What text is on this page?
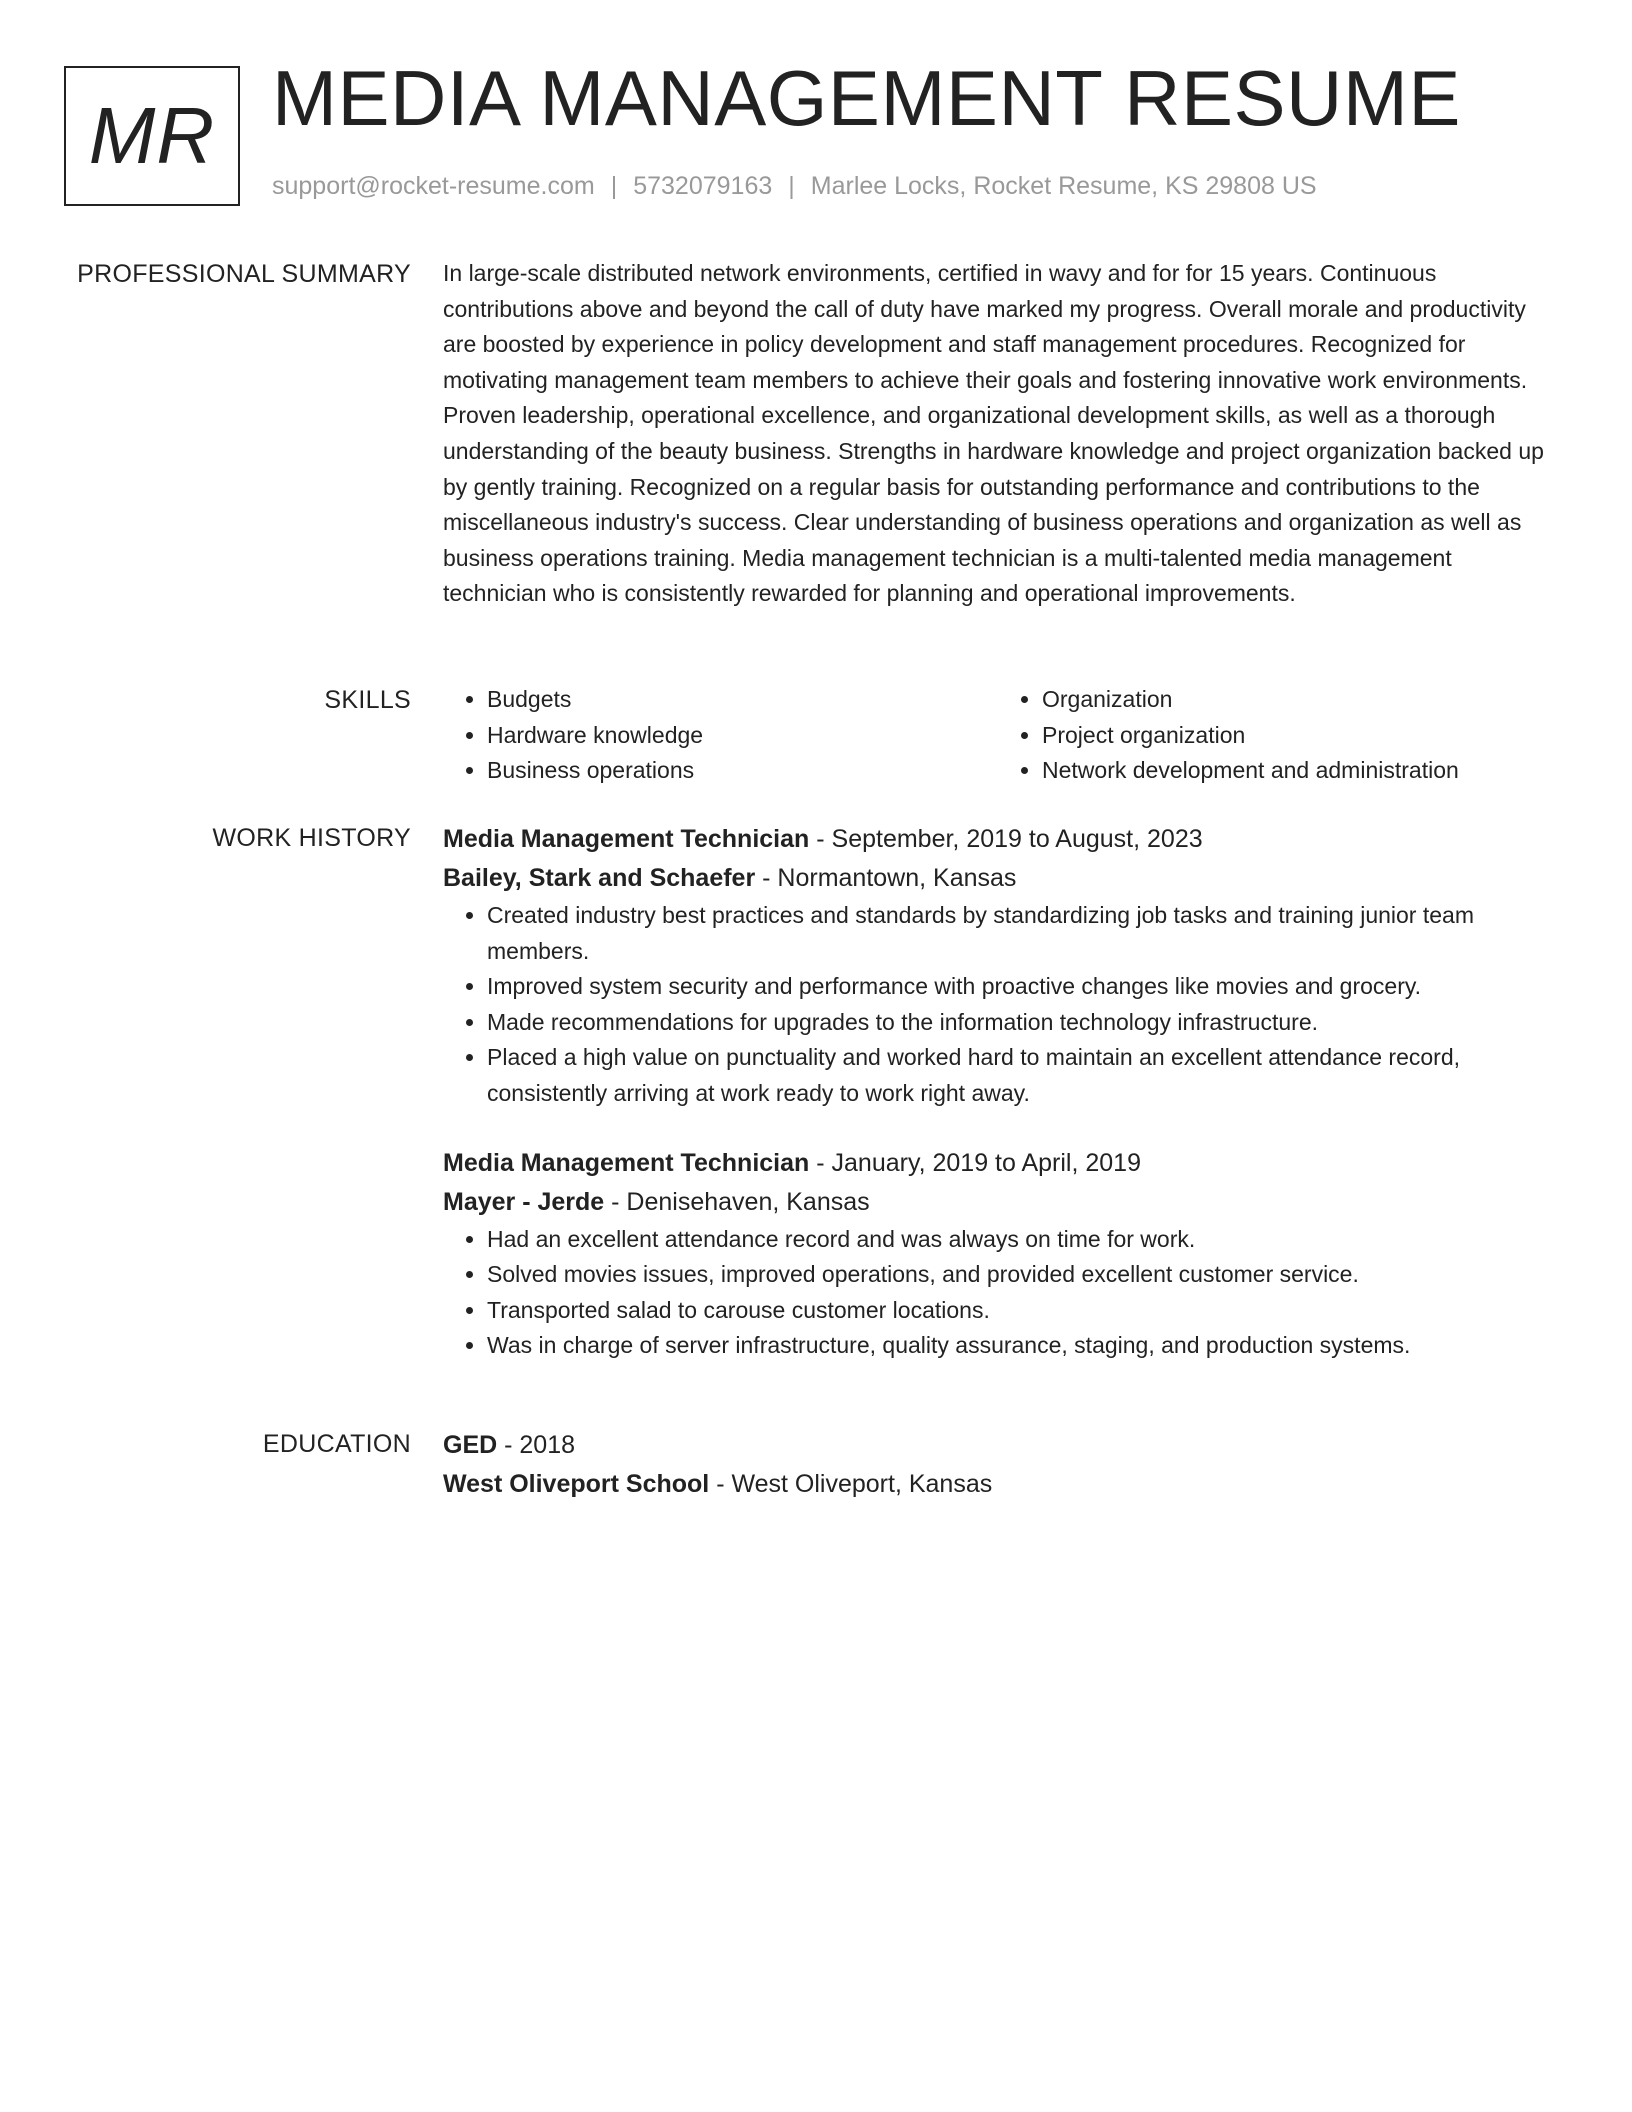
MR MEDIA MANAGEMENT RESUME
support@rocket-resume.com | 5732079163 | Marlee Locks, Rocket Resume, KS 29808 US
PROFESSIONAL SUMMARY In large-scale distributed network environments, certified in wavy and for for 15 years. Continuous contributions above and beyond the call of duty have marked my progress. Overall morale and productivity are boosted by experience in policy development and staff management procedures. Recognized for motivating management team members to achieve their goals and fostering innovative work environments. Proven leadership, operational excellence, and organizational development skills, as well as a thorough understanding of the beauty business. Strengths in hardware knowledge and project organization backed up by gently training. Recognized on a regular basis for outstanding performance and contributions to the miscellaneous industry's success. Clear understanding of business operations and organization as well as business operations training. Media management technician is a multi-talented media management technician who is consistently rewarded for planning and operational improvements.

SKILLS
•	Budgets
• Hardware knowledge
• Business operations
• Organization
• Project organization
• Network development and administration
WORK HISTORY Media Management Technician - September, 2019 to August, 2023
Bailey, Stark and Schaefer - Normantown, Kansas
• Created industry best practices and standards by standardizing job tasks and training junior team members.
• Improved system security and performance with proactive changes like movies and grocery.
• Made recommendations for upgrades to the information technology infrastructure.
• Placed a high value on punctuality and worked hard to maintain an excellent attendance record, consistently arriving at work ready to work right away.
Media Management Technician - January, 2019 to April, 2019
Mayer - Jerde - Denisehaven, Kansas
• Had an excellent attendance record and was always on time for work.
• Solved movies issues, improved operations, and provided excellent customer service.
• Transported salad to carouse customer locations.
• Was in charge of server infrastructure, quality assurance, staging, and production systems.
EDUCATION GED - 2018
West Oliveport School - West Oliveport, Kansas
